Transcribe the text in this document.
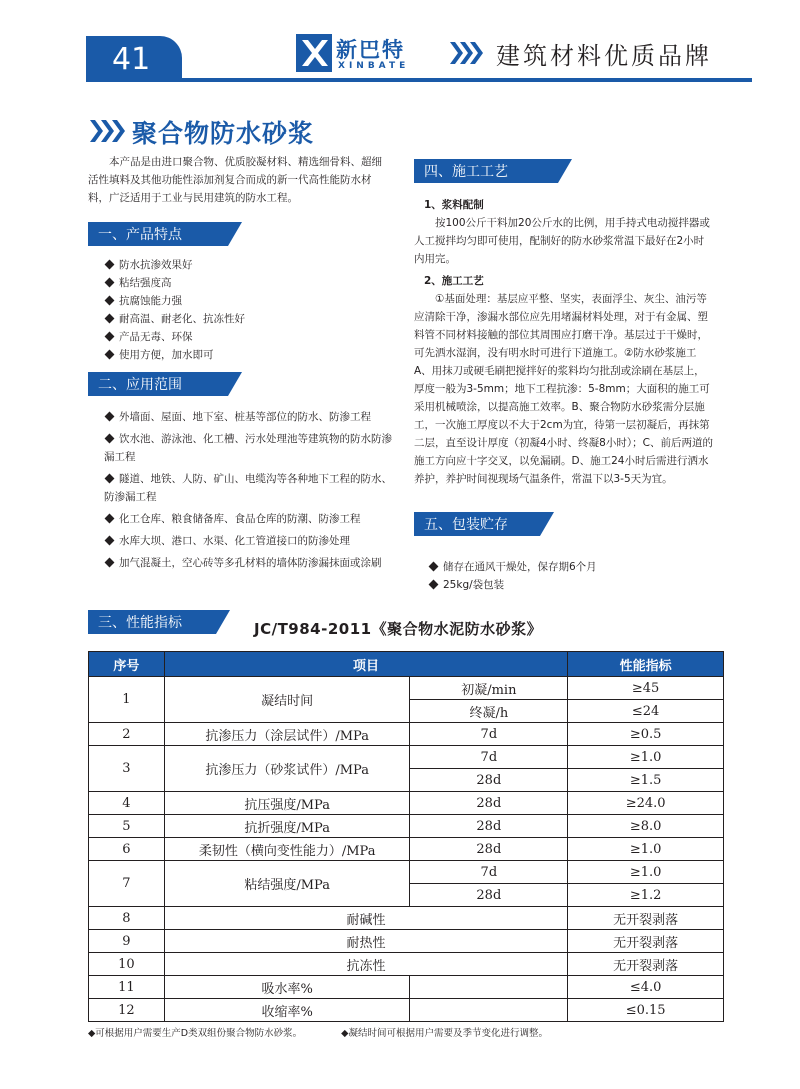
41	新巴特
XINBATE	建筑材料优质品牌
聚合物防水砂浆
本产品是由进口聚合物、优质胶凝材料、精选细骨料、超细活性填料及其他功能性添加剂复合而成的新一代高性能防水材料，广泛适用于工业与民用建筑的防水工程。
一、产品特点
防水抗渗效果好
粘结强度高
抗腐蚀能力强
耐高温、耐老化、抗冻性好
产品无毒、环保
使用方便，加水即可
二、应用范围
外墙面、屋面、地下室、桩基等部位的防水、防渗工程
饮水池、游泳池、化工槽、污水处理池等建筑物的防水防渗漏工程
隧道、地铁、人防、矿山、电缆沟等各种地下工程的防水、防渗漏工程
化工仓库、粮食储备库、食品仓库的防潮、防渗工程
水库大坝、港口、水渠、化工管道接口的防渗处理
加气混凝土，空心砖等多孔材料的墙体防渗漏抹面或涂刷
三、性能指标
四、施工工艺
1、浆料配制
按100公斤干料加20公斤水的比例，用手持式电动搅拌器或人工搅拌均匀即可使用，配制好的防水砂浆常温下最好在2小时内用完。
2、施工工艺
①基面处理：基层应平整、坚实，表面浮尘、灰尘、油污等应清除干净，渗漏水部位应先用堵漏材料处理，对于有金属、塑料管不同材料接触的部位其周围应打磨干净。基层过于干燥时，可先洒水湿润，没有明水时可进行下道施工。②防水砂浆施工A、用抹刀或硬毛刷把搅拌好的浆料均匀批刮或涂刷在基层上，厚度一般为3-5mm；地下工程抗渗：5-8mm；大面积的施工可采用机械喷涂，以提高施工效率。B、聚合物防水砂浆需分层施工，一次施工厚度以不大于2cm为宜，待第一层初凝后，再抹第二层，直至设计厚度（初凝4小时、终凝8小时）；C、前后两道的施工方向应十字交叉，以免漏刷。D、施工24小时后需进行洒水养护，养护时间视现场气温条件，常温下以3-5天为宜。
五、包装贮存
储存在通风干燥处，保存期6个月
25kg/袋包装
JC/T984-2011《聚合物水泥防水砂浆》
序号	项目		性能指标
1	凝结时间	初凝/min	≥45
		终凝/h	≤24
2	抗渗压力（涂层试件）/MPa	7d	≥0.5
3	抗渗压力（砂浆试件）/MPa	7d	≥1.0
		28d	≥1.5
4	抗压强度/MPa	28d	≥24.0
5	抗折强度/MPa	28d	≥8.0
6	柔韧性（横向变性能力）/MPa	28d	≥1.0
7	粘结强度/MPa	7d	≥1.0
		28d	≥1.2
8	耐碱性		无开裂剥落
9	耐热性		无开裂剥落
10	抗冻性		无开裂剥落
11	吸水率%		≤4.0
12	收缩率%		≤0.15
◆可根据用户需要生产D类双组份聚合物防水砂浆。	◆凝结时间可根据用户需要及季节变化进行调整。
